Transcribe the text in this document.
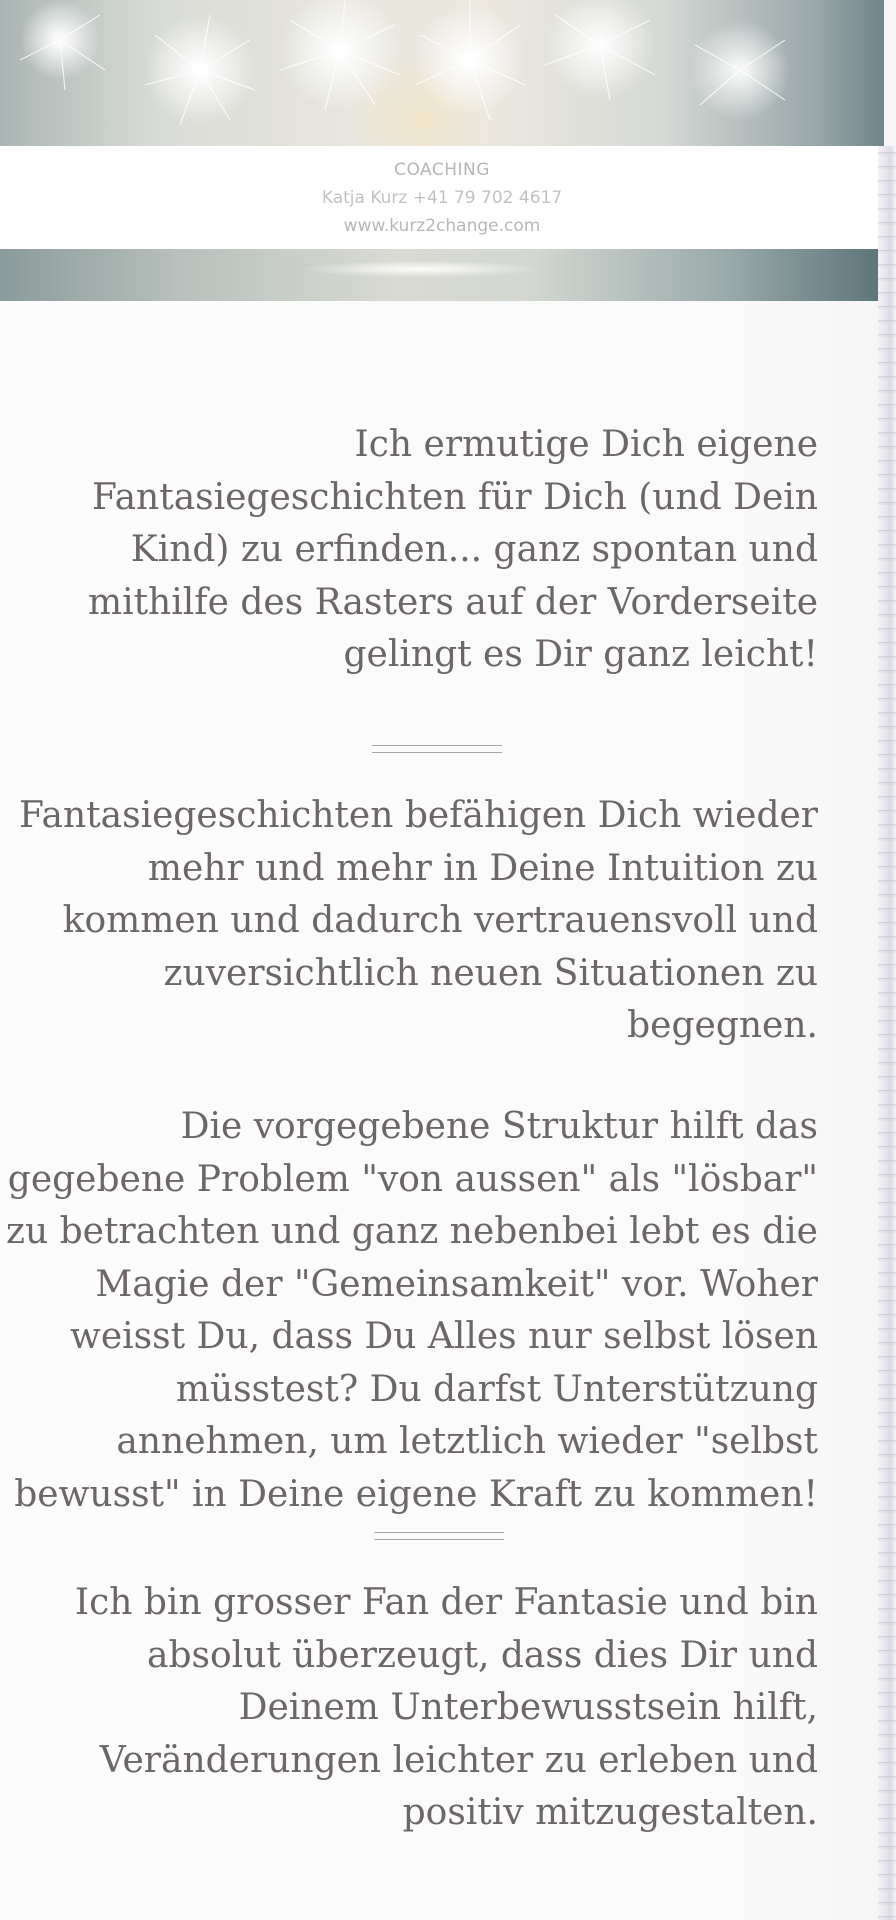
COACHING
Katja Kurz +41 79 702 4617
www.kurz2change.com

Ich ermutige Dich eigene
Fantasiegeschichten für Dich (und Dein
Kind) zu erfinden... ganz spontan und
mithilfe des Rasters auf der Vorderseite
gelingt es Dir ganz leicht!

Fantasiegeschichten befähigen Dich wieder
mehr und mehr in Deine Intuition zu
kommen und dadurch vertrauensvoll und
zuversichtlich neuen Situationen zu
begegnen.

Die vorgegebene Struktur hilft das
gegebene Problem "von aussen" als "lösbar"
zu betrachten und ganz nebenbei lebt es die
Magie der "Gemeinsamkeit" vor. Woher
weisst Du, dass Du Alles nur selbst lösen
müsstest? Du darfst Unterstützung
annehmen, um letztlich wieder "selbst
bewusst" in Deine eigene Kraft zu kommen!

Ich bin grosser Fan der Fantasie und bin
absolut überzeugt, dass dies Dir und
Deinem Unterbewusstsein hilft,
Veränderungen leichter zu erleben und
positiv mitzugestalten.
